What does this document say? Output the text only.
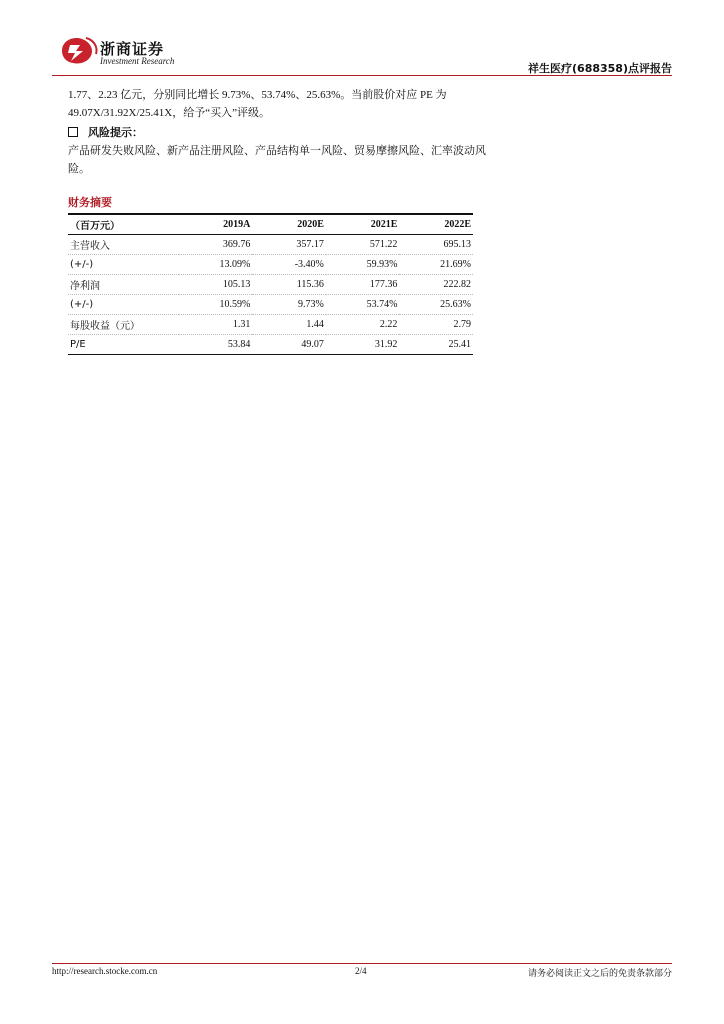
浙商证券
Investment Research
祥生医疗(688358)点评报告
1.77、2.23 亿元，分别同比增长 9.73%、53.74%、25.63%。当前股价对应 PE 为 49.07X/31.92X/25.41X，给予“买入”评级。
风险提示：
产品研发失败风险、新产品注册风险、产品结构单一风险、贸易摩擦风险、汇率波动风险。
财务摘要
（百万元）	2019A	2020E	2021E	2022E
主营收入	369.76	357.17	571.22	695.13
(+/-)	13.09%	-3.40%	59.93%	21.69%
净利润	105.13	115.36	177.36	222.82
(+/-)	10.59%	9.73%	53.74%	25.63%
每股收益（元）	1.31	1.44	2.22	2.79
P/E	53.84	49.07	31.92	25.41
http://research.stocke.com.cn	2/4	请务必阅读正文之后的免责条款部分
